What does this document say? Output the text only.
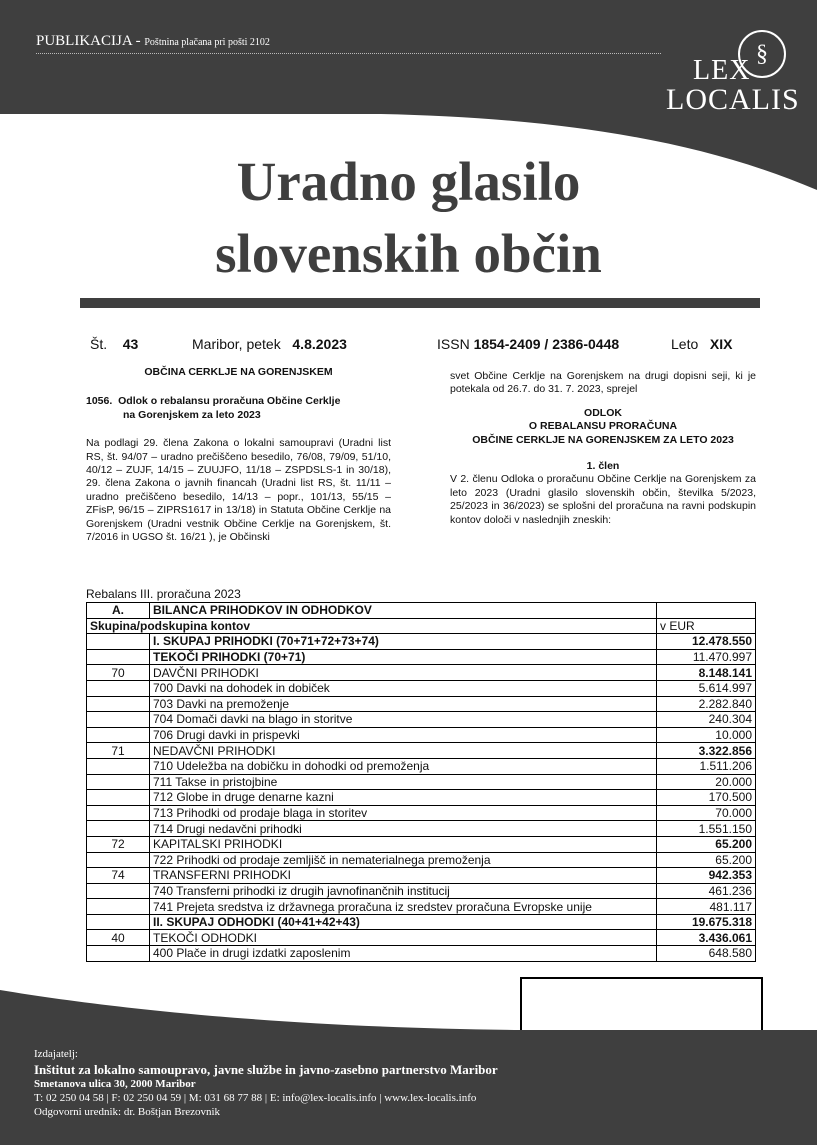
PUBLIKACIJA - Poštnina plačana pri pošti 2102	§
LEX
LOCALIS
Uradno glasilo
slovenskih občin
Št. 43	Maribor, petek 4.8.2023	ISSN 1854-2409 / 2386-0448	Leto XIX
OBČINA CERKLJE NA GORENJSKEM
1056. Odlok o rebalansu proračuna Občine Cerklje
na Gorenjskem za leto 2023
Na podlagi 29. člena Zakona o lokalni samoupravi (Uradni list RS, št. 94/07 – uradno prečiščeno besedilo, 76/08, 79/09, 51/10, 40/12 – ZUJF, 14/15 – ZUUJFO, 11/18 – ZSPDSLS-1 in 30/18), 29. člena Zakona o javnih financah (Uradni list RS, št. 11/11 – uradno prečiščeno besedilo, 14/13 – popr., 101/13, 55/15 – ZFisP, 96/15 – ZIPRS1617 in 13/18) in Statuta Občine Cerklje na Gorenjskem (Uradni vestnik Občine Cerklje na Gorenjskem, št. 7/2016 in UGSO št. 16/21 ), je Občinski
svet Občine Cerklje na Gorenjskem na drugi dopisni seji, ki je potekala od 26.7. do 31. 7. 2023, sprejel
ODLOK
O REBALANSU PRORAČUNA
OBČINE CERKLJE NA GORENJSKEM ZA LETO 2023
1. člen
V 2. členu Odloka o proračunu Občine Cerklje na Gorenjskem za leto 2023 (Uradni glasilo slovenskih občin, številka 5/2023, 25/2023 in 36/2023) se splošni del proračuna na ravni podskupin kontov določi v naslednjih zneskih:
Rebalans III. proračuna 2023
A.	BILANCA PRIHODKOV IN ODHODKOV	
Skupina/podskupina kontov		v EUR
	I. SKUPAJ PRIHODKI (70+71+72+73+74)	12.478.550
	TEKOČI PRIHODKI (70+71)	11.470.997
70	DAVČNI PRIHODKI	8.148.141
	700 Davki na dohodek in dobiček	5.614.997
	703 Davki na premoženje	2.282.840
	704 Domači davki na blago in storitve	240.304
	706 Drugi davki in prispevki	10.000
71	NEDAVČNI PRIHODKI	3.322.856
	710 Udeležba na dobičku in dohodki od premoženja	1.511.206
	711 Takse in pristojbine	20.000
	712 Globe in druge denarne kazni	170.500
	713 Prihodki od prodaje blaga in storitev	70.000
	714 Drugi nedavčni prihodki	1.551.150
72	KAPITALSKI PRIHODKI	65.200
	722 Prihodki od prodaje zemljišč in nematerialnega premoženja	65.200
74	TRANSFERNI PRIHODKI	942.353
	740 Transferni prihodki iz drugih javnofinančnih institucij	461.236
	741 Prejeta sredstva iz državnega proračuna iz sredstev proračuna Evropske unije	481.117
	II. SKUPAJ ODHODKI (40+41+42+43)	19.675.318
40	TEKOČI ODHODKI	3.436.061
	400 Plače in drugi izdatki zaposlenim	648.580
Izdajatelj:
Inštitut za lokalno samoupravo, javne službe in javno-zasebno partnerstvo Maribor
Smetanova ulica 30, 2000 Maribor
T: 02 250 04 58 | F: 02 250 04 59 | M: 031 68 77 88 | E: info@lex-localis.info | www.lex-localis.info
Odgovorni urednik: dr. Boštjan Brezovnik
